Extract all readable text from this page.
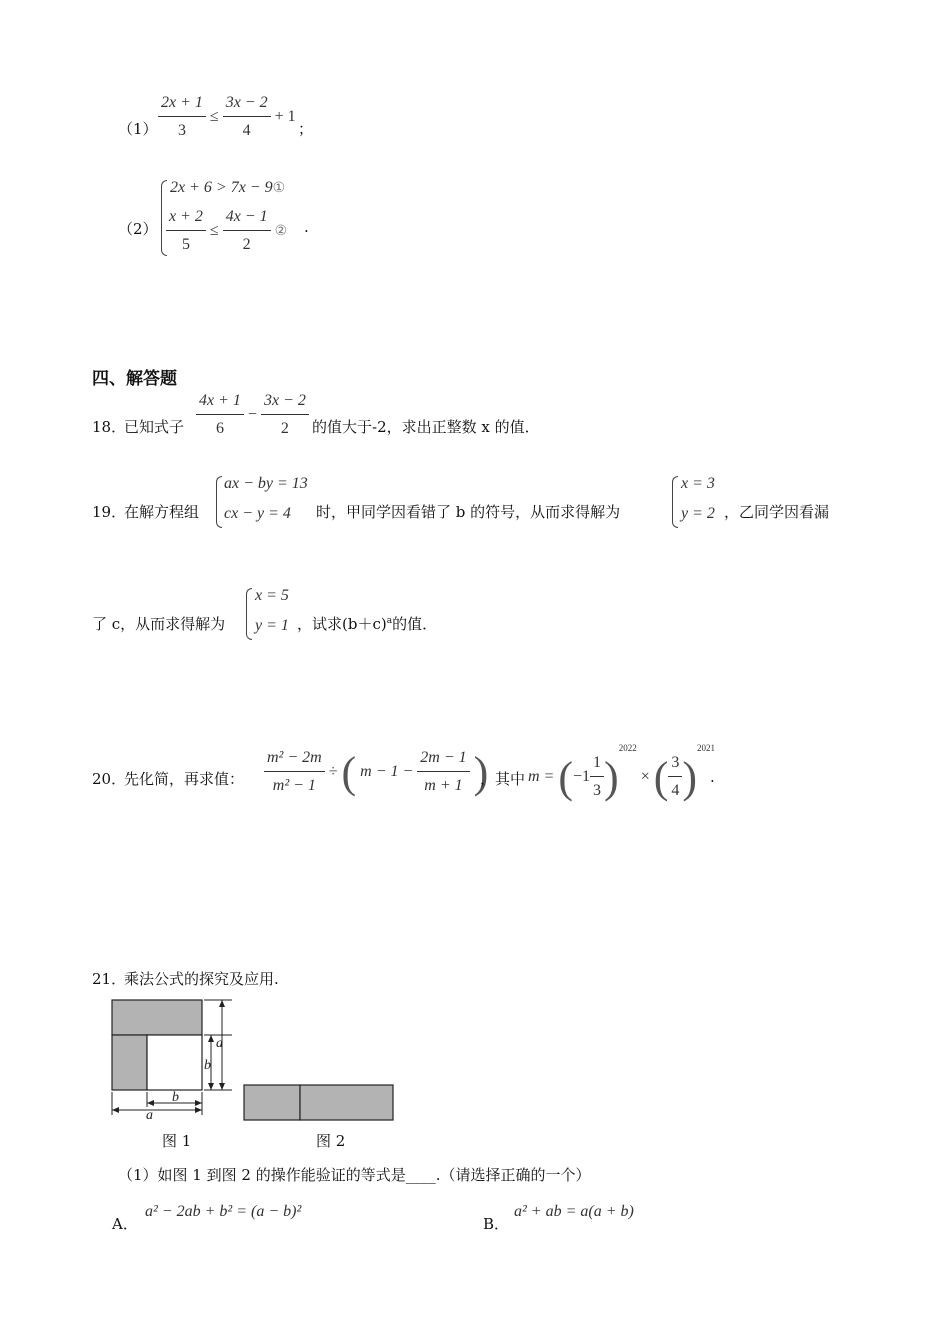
$(1) \frac{2x + 1}{3} \le \frac{3x - 2}{4} + 1$
；
（2）
2x + 6 > 7x − 9①
$\frac{x + 2}{5} \le \frac{4x - 1}{2}$ ② .
四、解答题
18．
已知式子 $\frac{4x + 1}{6} - \frac{3x - 2}{2}$ 的值大于-2，求出正整数 x 的值．
19．
在解方程组
ax − by = 13
cx − y = 4 时，甲同学因看错了 b 的符号，从而求得解为
x = 3
y = 2 ，乙同学因看漏
了 c，从而求得解为
x = 5
y = 1 ，试求$(b+c)^a$的值．
20．
先化简，再求值： $\frac{\text{m² − 2m}}{\text{m² − 1}}$ ÷ ( $m - 1 - \frac{2m - 1}{m + 1}$ )
，其中 $m = (-1 \frac{1}{3} )^{2022}$ × ( $\frac{3}{4} )^{2021}$
.
21．
乘法公式的探究及应用.
a
b
b
a
图 1	图 2
（1）如图 1 到图 2 的操作能验证的等式是____.（请选择正确的一个）
A．
a² − 2ab + b² = (a − b)²
B．
a² + ab = a(a + b)
